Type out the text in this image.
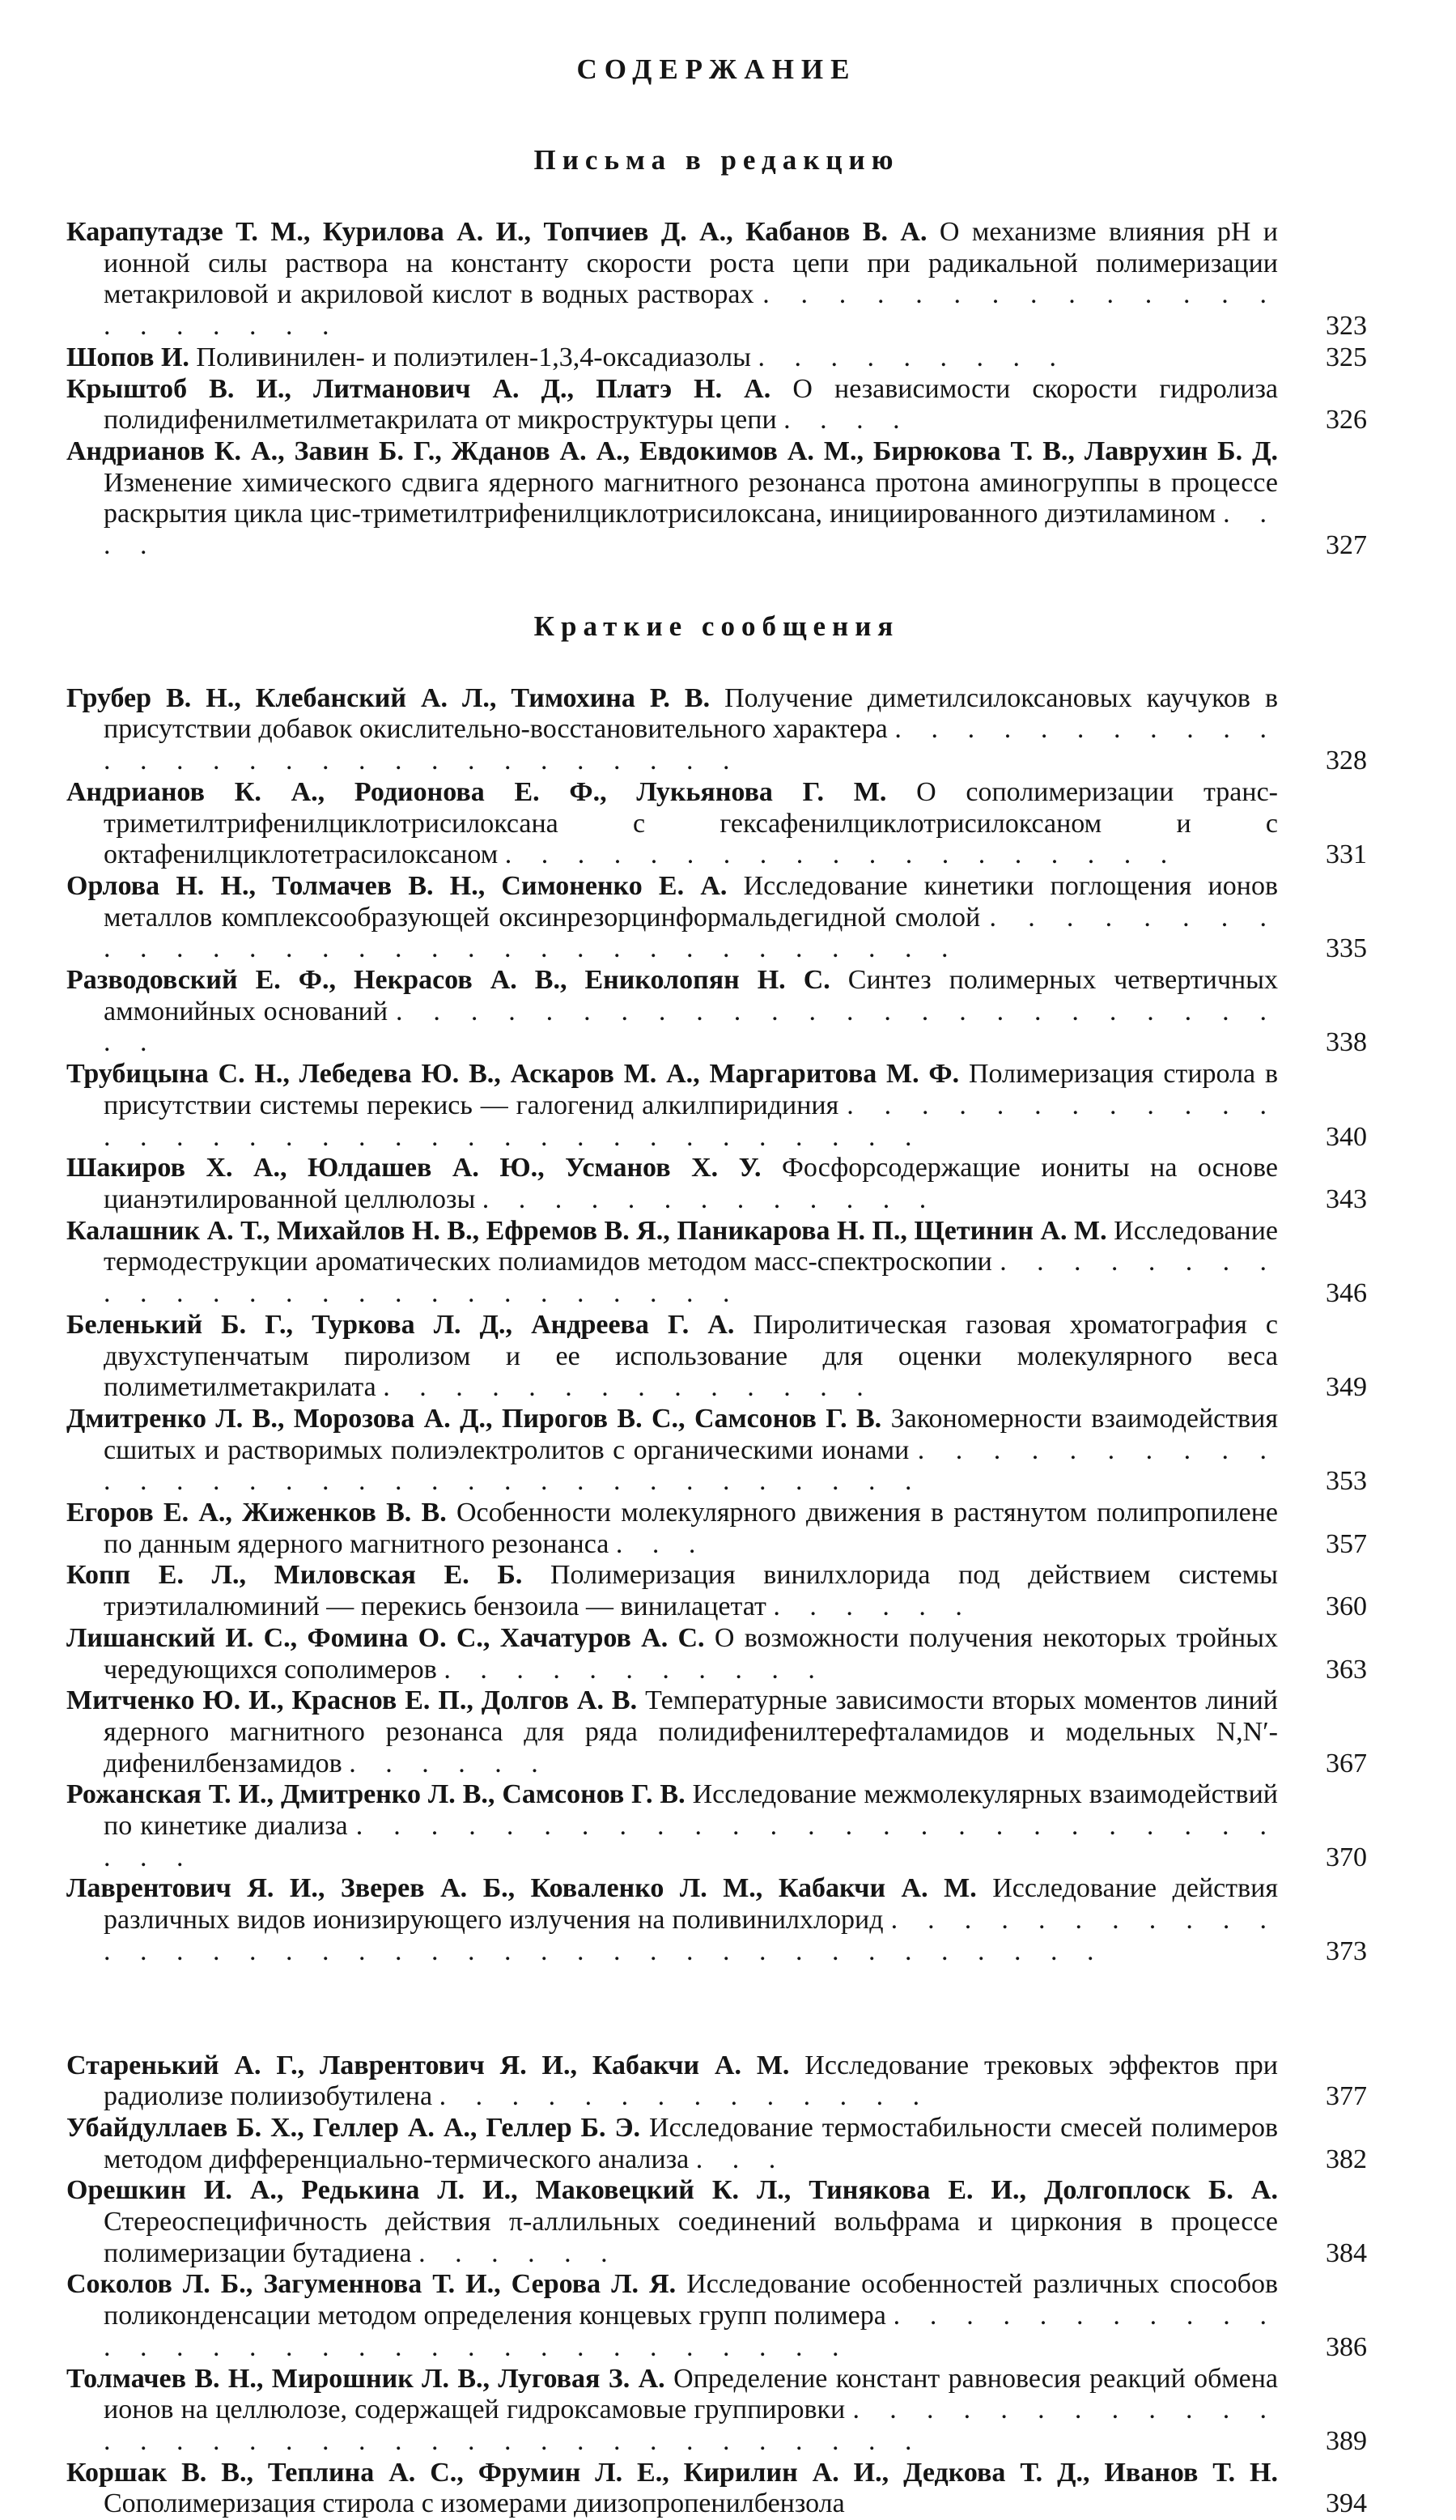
СОДЕРЖАНИЕ
Письма в редакцию
Карапутадзе Т. М., Курилова А. И., Топчиев Д. А., Кабанов В. А. О механизме влияния pH и ионной силы раствора на константу скорости роста цепи при радикальной полимеризации метакриловой и акриловой кислот в водных растворах . . . . . . . . . . . . . . . . . . . . .	323
Шопов И. Поливинилен- и полиэтилен-1,3,4-оксадиазолы . . . . . . . . .	325
Крыштоб В. И., Литманович А. Д., Платэ Н. А. О независимости скорости гидролиза полидифенилметилметакрилата от микроструктуры цепи . . . .	326
Андрианов К. А., Завин Б. Г., Жданов А. А., Евдокимов А. М., Бирюкова Т. В., Лаврухин Б. Д. Изменение химического сдвига ядерного магнитного резонанса протона аминогруппы в процессе раскрытия цикла цис-триметилтрифенилциклотрисилоксана, инициированного диэтиламином . . . .	327
Краткие сообщения
Грубер В. Н., Клебанский А. Л., Тимохина Р. В. Получение диметилсилоксановых каучуков в присутствии добавок окислительно-восстановительного характера . . . . . . . . . . . . . . . . . . . . . . . . . . . . .	328
Андрианов К. А., Родионова Е. Ф., Лукьянова Г. М. О сополимеризации транс-триметилтрифенилциклотрисилоксана с гексафенилциклотрисилоксаном и с октафенилциклотетрасилоксаном . . . . . . . . . . . . . . . . . . .	331
Орлова Н. Н., Толмачев В. Н., Симоненко Е. А. Исследование кинетики поглощения ионов металлов комплексообразующей оксинрезорцинформальдегидной смолой . . . . . . . . . . . . . . . . . . . . . . . . . . . . . . . .	335
Разводовский Е. Ф., Некрасов А. В., Ениколопян Н. С. Синтез полимерных четвертичных аммонийных оснований . . . . . . . . . . . . . . . . . . . . . . . . . .	338
Трубицына С. Н., Лебедева Ю. В., Аскаров М. А., Маргаритова М. Ф. Полимеризация стирола в присутствии системы перекись — галогенид алкилпиридиния . . . . . . . . . . . . . . . . . . . . . . . . . . . . . . . . . . .	340
Шакиров Х. А., Юлдашев А. Ю., Усманов Х. У. Фосфорсодержащие иониты на основе цианэтилированной целлюлозы . . . . . . . . . . . . .	343
Калашник А. Т., Михайлов Н. В., Ефремов В. Я., Паникарова Н. П., Щетинин А. М. Исследование термодеструкции ароматических полиамидов методом масс-спектроскопии . . . . . . . . . . . . . . . . . . . . . . . . . .	346
Беленький Б. Г., Туркова Л. Д., Андреева Г. А. Пиролитическая газовая хроматография с двухступенчатым пиролизом и ее использование для оценки молекулярного веса полиметилметакрилата . . . . . . . . . . . . . .	349
Дмитренко Л. В., Морозова А. Д., Пирогов В. С., Самсонов Г. В. Закономерности взаимодействия сшитых и растворимых полиэлектролитов с органическими ионами . . . . . . . . . . . . . . . . . . . . . . . . . . . . . . . . .	353
Егоров Е. А., Жиженков В. В. Особенности молекулярного движения в растянутом полипропилене по данным ядерного магнитного резонанса . . .	357
Копп Е. Л., Миловская Е. Б. Полимеризация винилхлорида под действием системы триэтилалюминий — перекись бензоила — винилацетат . . . . . .	360
Лишанский И. С., Фомина О. С., Хачатуров А. С. О возможности получения некоторых тройных чередующихся сополимеров . . . . . . . . . . .	363
Митченко Ю. И., Краснов Е. П., Долгов А. В. Температурные зависимости вторых моментов линий ядерного магнитного резонанса для ряда полидифенилтерефталамидов и модельных N,N′-дифенилбензамидов . . . . . .	367
Рожанская Т. И., Дмитренко Л. В., Самсонов Г. В. Исследование межмолекулярных взаимодействий по кинетике диализа . . . . . . . . . . . . . . . . . . . . . . . . . . . .	370
Лаврентович Я. И., Зверев А. Б., Коваленко Л. М., Кабакчи А. М. Исследование действия различных видов ионизирующего излучения на поливинилхлорид . . . . . . . . . . . . . . . . . . . . . . . . . . . . . . . . . . . . . . .	373
Старенький А. Г., Лаврентович Я. И., Кабакчи А. М. Исследование трековых эффектов при радиолизе полиизобутилена . . . . . . . . . . . . . .	377
Убайдуллаев Б. Х., Геллер А. А., Геллер Б. Э. Исследование термостабильности смесей полимеров методом дифференциально-термического анализа . . .	382
Орешкин И. А., Редькина Л. И., Маковецкий К. Л., Тинякова Е. И., Долгоплоск Б. А. Стереоспецифичность действия π-аллильных соединений вольфрама и циркония в процессе полимеризации бутадиена . . . . . .	384
Соколов Л. Б., Загуменнова Т. И., Серова Л. Я. Исследование особенностей различных способов поликонденсации методом определения концевых групп полимера . . . . . . . . . . . . . . . . . . . . . . . . . . . . . . . .	386
Толмачев В. Н., Мирошник Л. В., Луговая З. А. Определение констант равновесия реакций обмена ионов на целлюлозе, содержащей гидроксамовые группировки . . . . . . . . . . . . . . . . . . . . . . . . . . . . . . . . . . .	389
Коршак В. В., Теплина А. С., Фрумин Л. Е., Кирилин А. И., Дедкова Т. Д., Иванов Т. Н. Сополимеризация стирола с изомерами диизопропенилбензола	394
